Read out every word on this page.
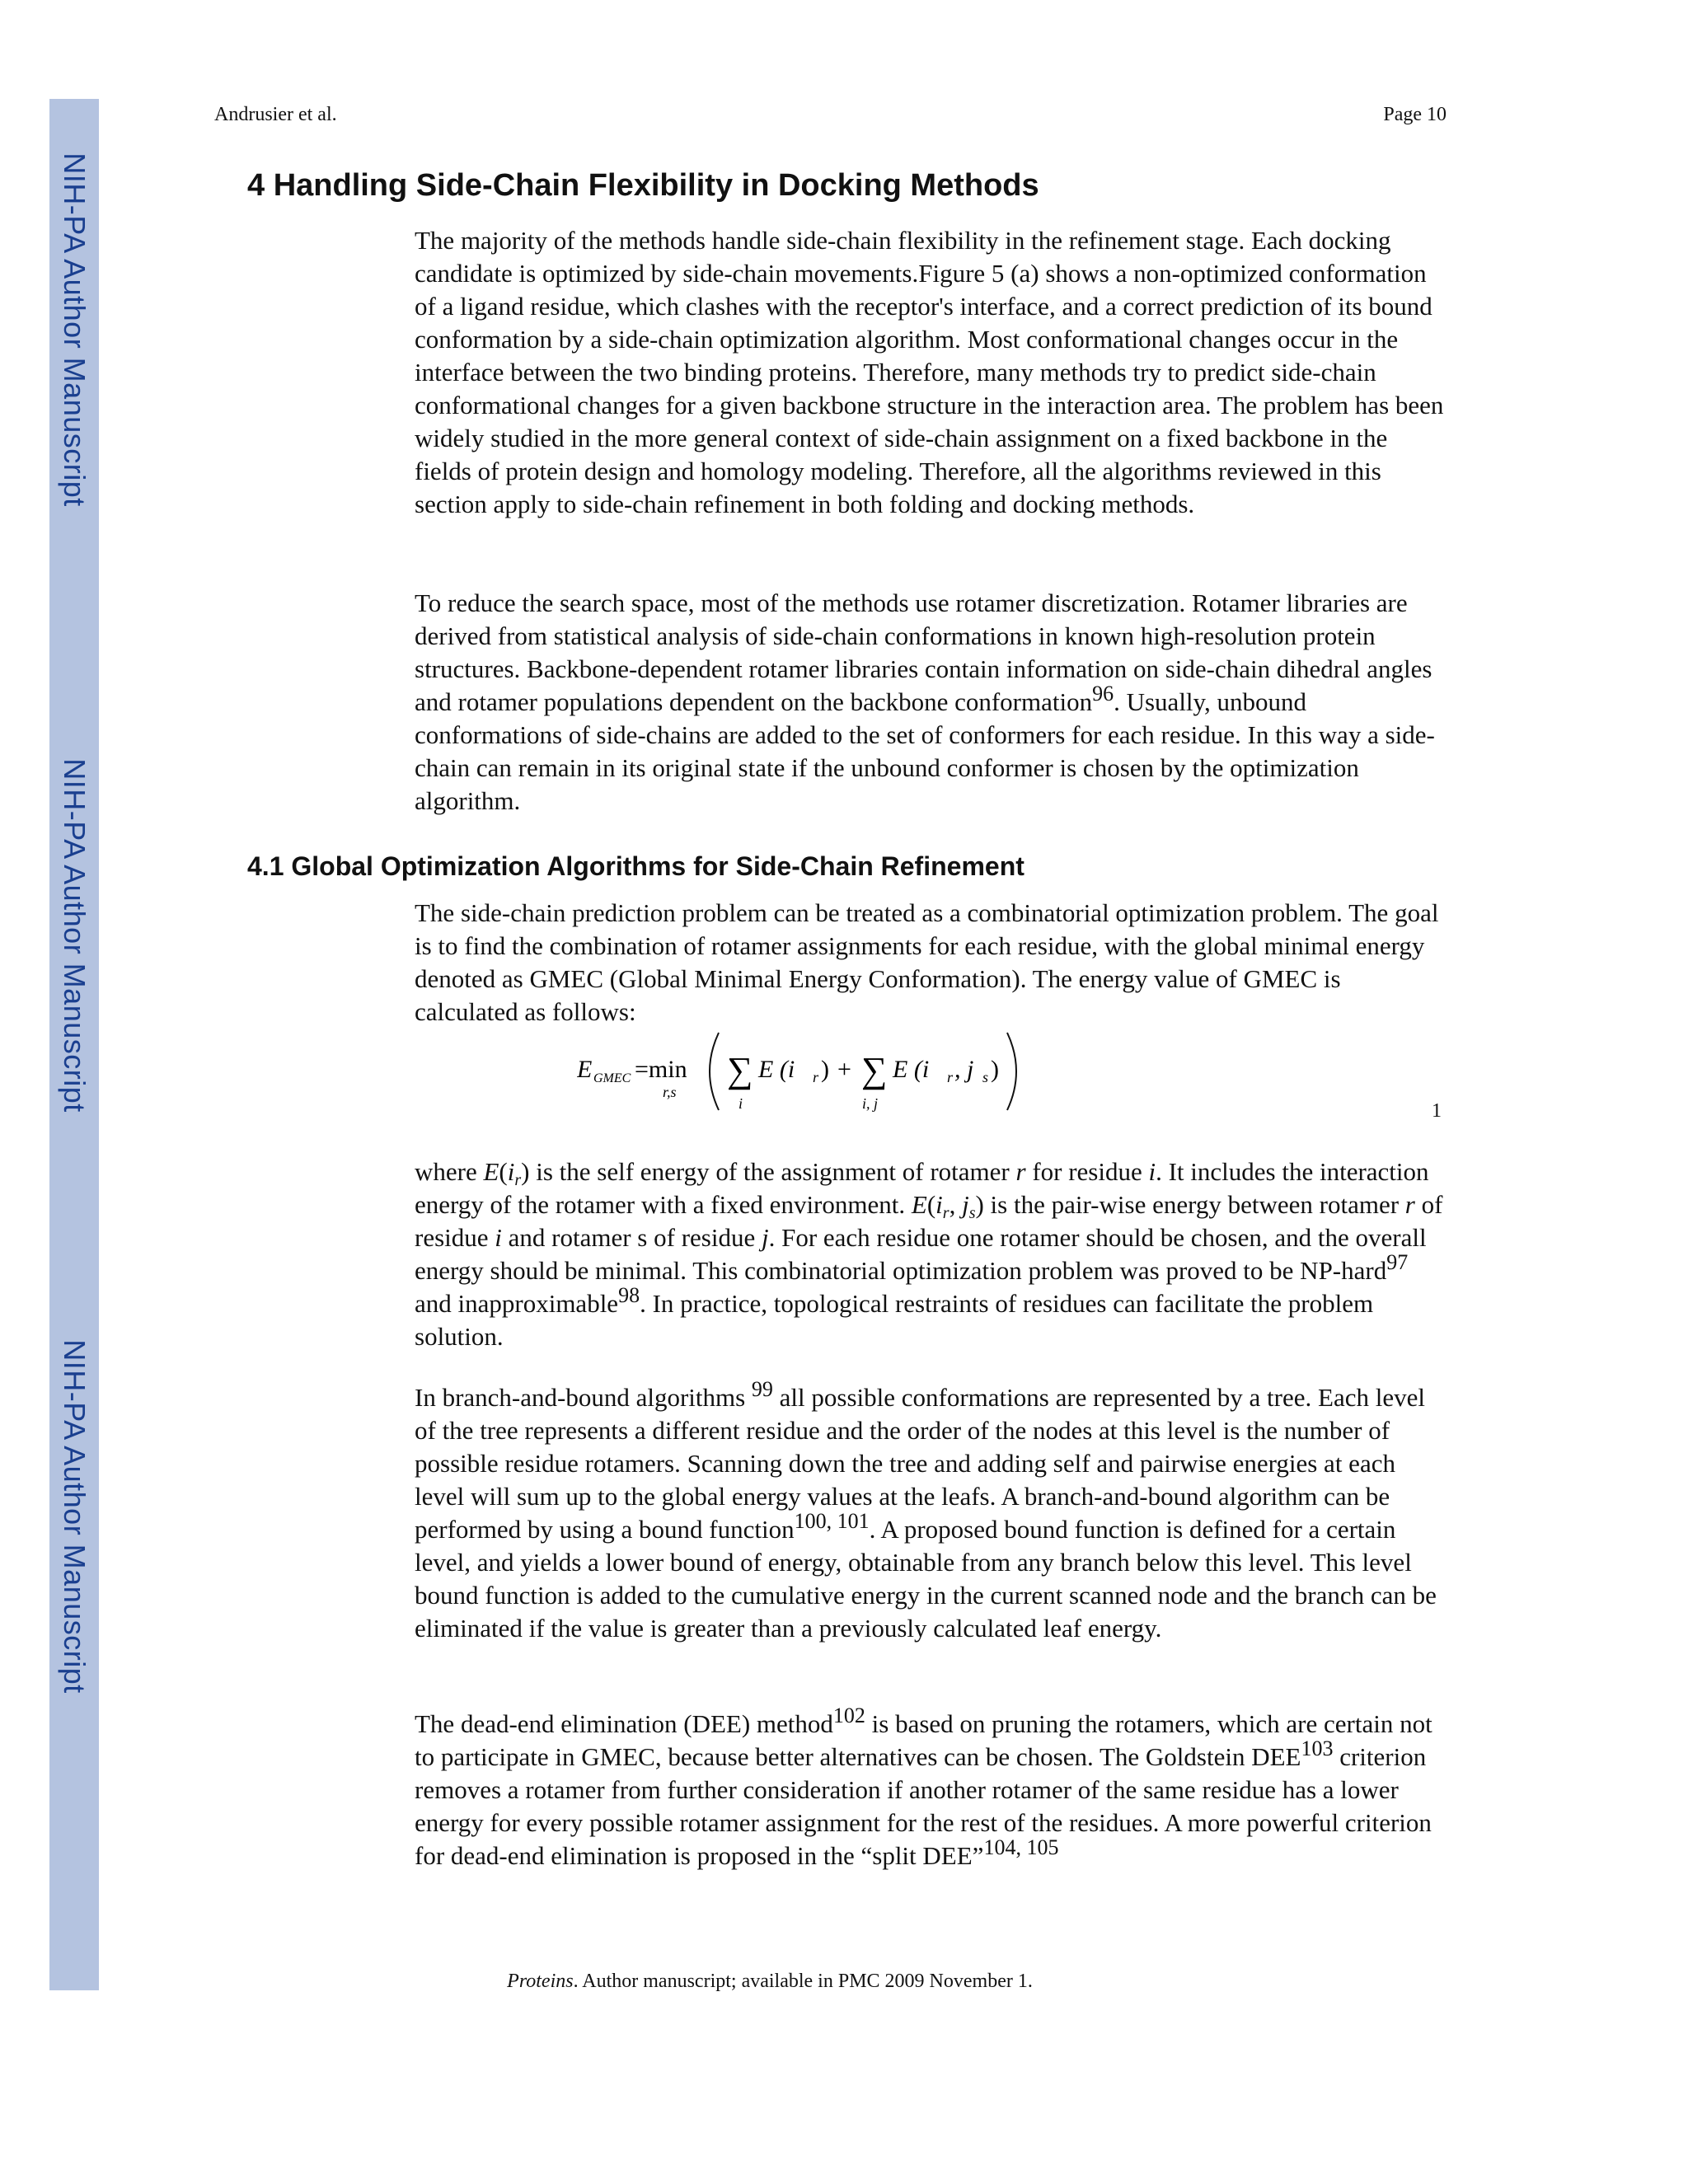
NIH-PA Author Manuscript
NIH-PA Author Manuscript
NIH-PA Author Manuscript
Andrusier et al.	Page 10
4 Handling Side-Chain Flexibility in Docking Methods

The majority of the methods handle side-chain flexibility in the refinement stage. Each docking candidate is optimized by side-chain movements.Figure 5 (a) shows a non-optimized conformation of a ligand residue, which clashes with the receptor's interface, and a correct prediction of its bound conformation by a side-chain optimization algorithm. Most conformational changes occur in the interface between the two binding proteins. Therefore, many methods try to predict side-chain conformational changes for a given backbone structure in the interaction area. The problem has been widely studied in the more general context of side-chain assignment on a fixed backbone in the fields of protein design and homology modeling. Therefore, all the algorithms reviewed in this section apply to side-chain refinement in both folding and docking methods.

To reduce the search space, most of the methods use rotamer discretization. Rotamer libraries are derived from statistical analysis of side-chain conformations in known high-resolution protein structures. Backbone-dependent rotamer libraries contain information on side-chain dihedral angles and rotamer populations dependent on the backbone conformation$^{96}$. Usually, unbound conformations of side-chains are added to the set of conformers for each residue. In this way a side-chain can remain in its original state if the unbound conformer is chosen by the optimization algorithm.

4.1 Global Optimization Algorithms for Side-Chain Refinement

The side-chain prediction problem can be treated as a combinatorial optimization problem. The goal is to find the combination of rotamer assignments for each residue, with the global minimal energy denoted as GMEC (Global Minimal Energy Conformation). The energy value of GMEC is calculated as follows:

E GMEC =min
r,s
∑
i
E (i r ) + ∑
i, j
E (i r , j s )
1

where $E(i_r)$ is the self energy of the assignment of rotamer r for residue i. It includes the interaction energy of the rotamer with a fixed environment. $E(i_r$, $j_s$) is the pair-wise energy between rotamer r of residue i and rotamer s of residue j. For each residue one rotamer should be chosen, and the overall energy should be minimal. This combinatorial optimization problem was proved to be NP-hard$^{97}$ and inapproximable$^{98}$. In practice, topological restraints of residues can facilitate the problem solution.

In branch-and-bound algorithms $^{99}$ all possible conformations are represented by a tree. Each level of the tree represents a different residue and the order of the nodes at this level is the number of possible residue rotamers. Scanning down the tree and adding self and pairwise energies at each level will sum up to the global energy values at the leafs. A branch-and-bound algorithm can be performed by using a bound function$^{100, 101}$. A proposed bound function is defined for a certain level, and yields a lower bound of energy, obtainable from any branch below this level. This level bound function is added to the cumulative energy in the current scanned node and the branch can be eliminated if the value is greater than a previously calculated leaf energy.

The dead-end elimination (DEE) method$^{102}$ is based on pruning the rotamers, which are certain not to participate in GMEC, because better alternatives can be chosen. The Goldstein DEE$^{103}$ criterion removes a rotamer from further consideration if another rotamer of the same residue has a lower energy for every possible rotamer assignment for the rest of the residues. A more powerful criterion for dead-end elimination is proposed in the “split DEE”$^{104, 105}$

Proteins. Author manuscript; available in PMC 2009 November 1.
